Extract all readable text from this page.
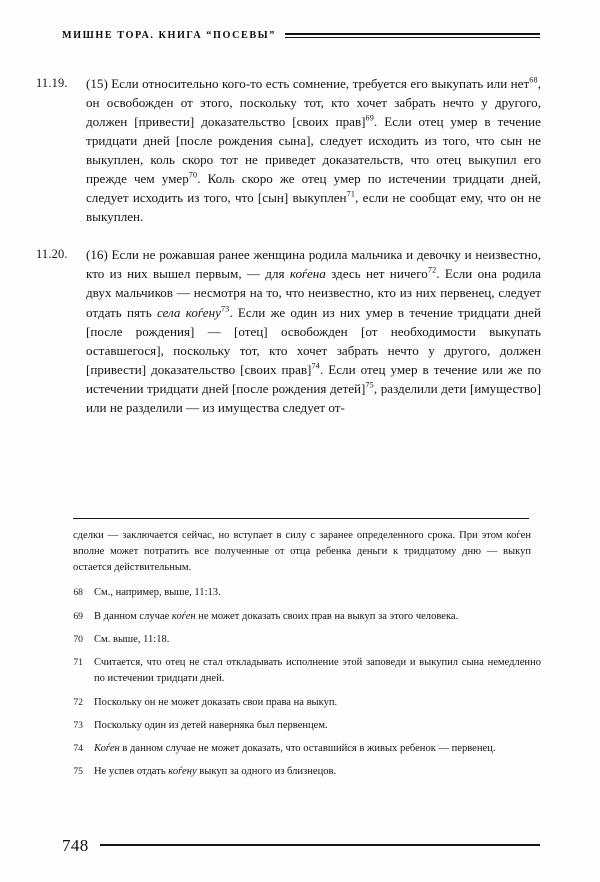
МИШНЕ ТОРА. КНИГА “ПОСЕВЫ”
11.19.	(15) Если относительно кого-то есть сомнение, требуется его выкупать или нет$^{68}$, он освобожден от этого, поскольку тот, кто хочет забрать нечто у другого, должен [привести] доказательство [своих прав]$^{69}$. Если отец умер в течение тридцати дней [после рождения сына], следует исходить из того, что сын не выкуплен, коль скоро тот не приведет доказательств, что отец выкупил его прежде чем умер$^{70}$. Коль скоро же отец умер по истечении тридцати дней, следует исходить из того, что [сын] выкуплен$^{71}$, если не сообщат ему, что он не выкуплен.
11.20.	(16) Если не рожавшая ранее женщина родила мальчика и девочку и неизвестно, кто из них вышел первым, — для коѓена здесь нет ничего$^{72}$. Если она родила двух мальчиков — несмотря на то, что неизвестно, кто из них первенец, следует отдать пять села коѓену$^{73}$. Если же один из них умер в течение тридцати дней [после рождения] — [отец] освобожден [от необходимости выкупать оставшегося], поскольку тот, кто хочет забрать нечто у другого, должен [привести] доказательство [своих прав]$^{74}$. Если отец умер в течение или же по истечении тридцати дней [после рождения детей]$^{75}$, разделили дети [имущество] или не разделили — из имущества следует от-
сделки — заключается сейчас, но вступает в силу с заранее определенного срока. При этом коѓен вполне может потратить все полученные от отца ребенка деньги к тридцатому дню — выкуп остается действительным.
68	См., например, выше, 11:13.
69	В данном случае коѓен не может доказать своих прав на выкуп за этого человека.
70	См. выше, 11:18.
71	Считается, что отец не стал откладывать исполнение этой заповеди и выкупил сына немедленно по истечении тридцати дней.
72	Поскольку он не может доказать свои права на выкуп.
73	Поскольку один из детей наверняка был первенцем.
74	Коѓен в данном случае не может доказать, что оставшийся в живых ребенок — первенец.
75	Не успев отдать коѓену выкуп за одного из близнецов.
748
